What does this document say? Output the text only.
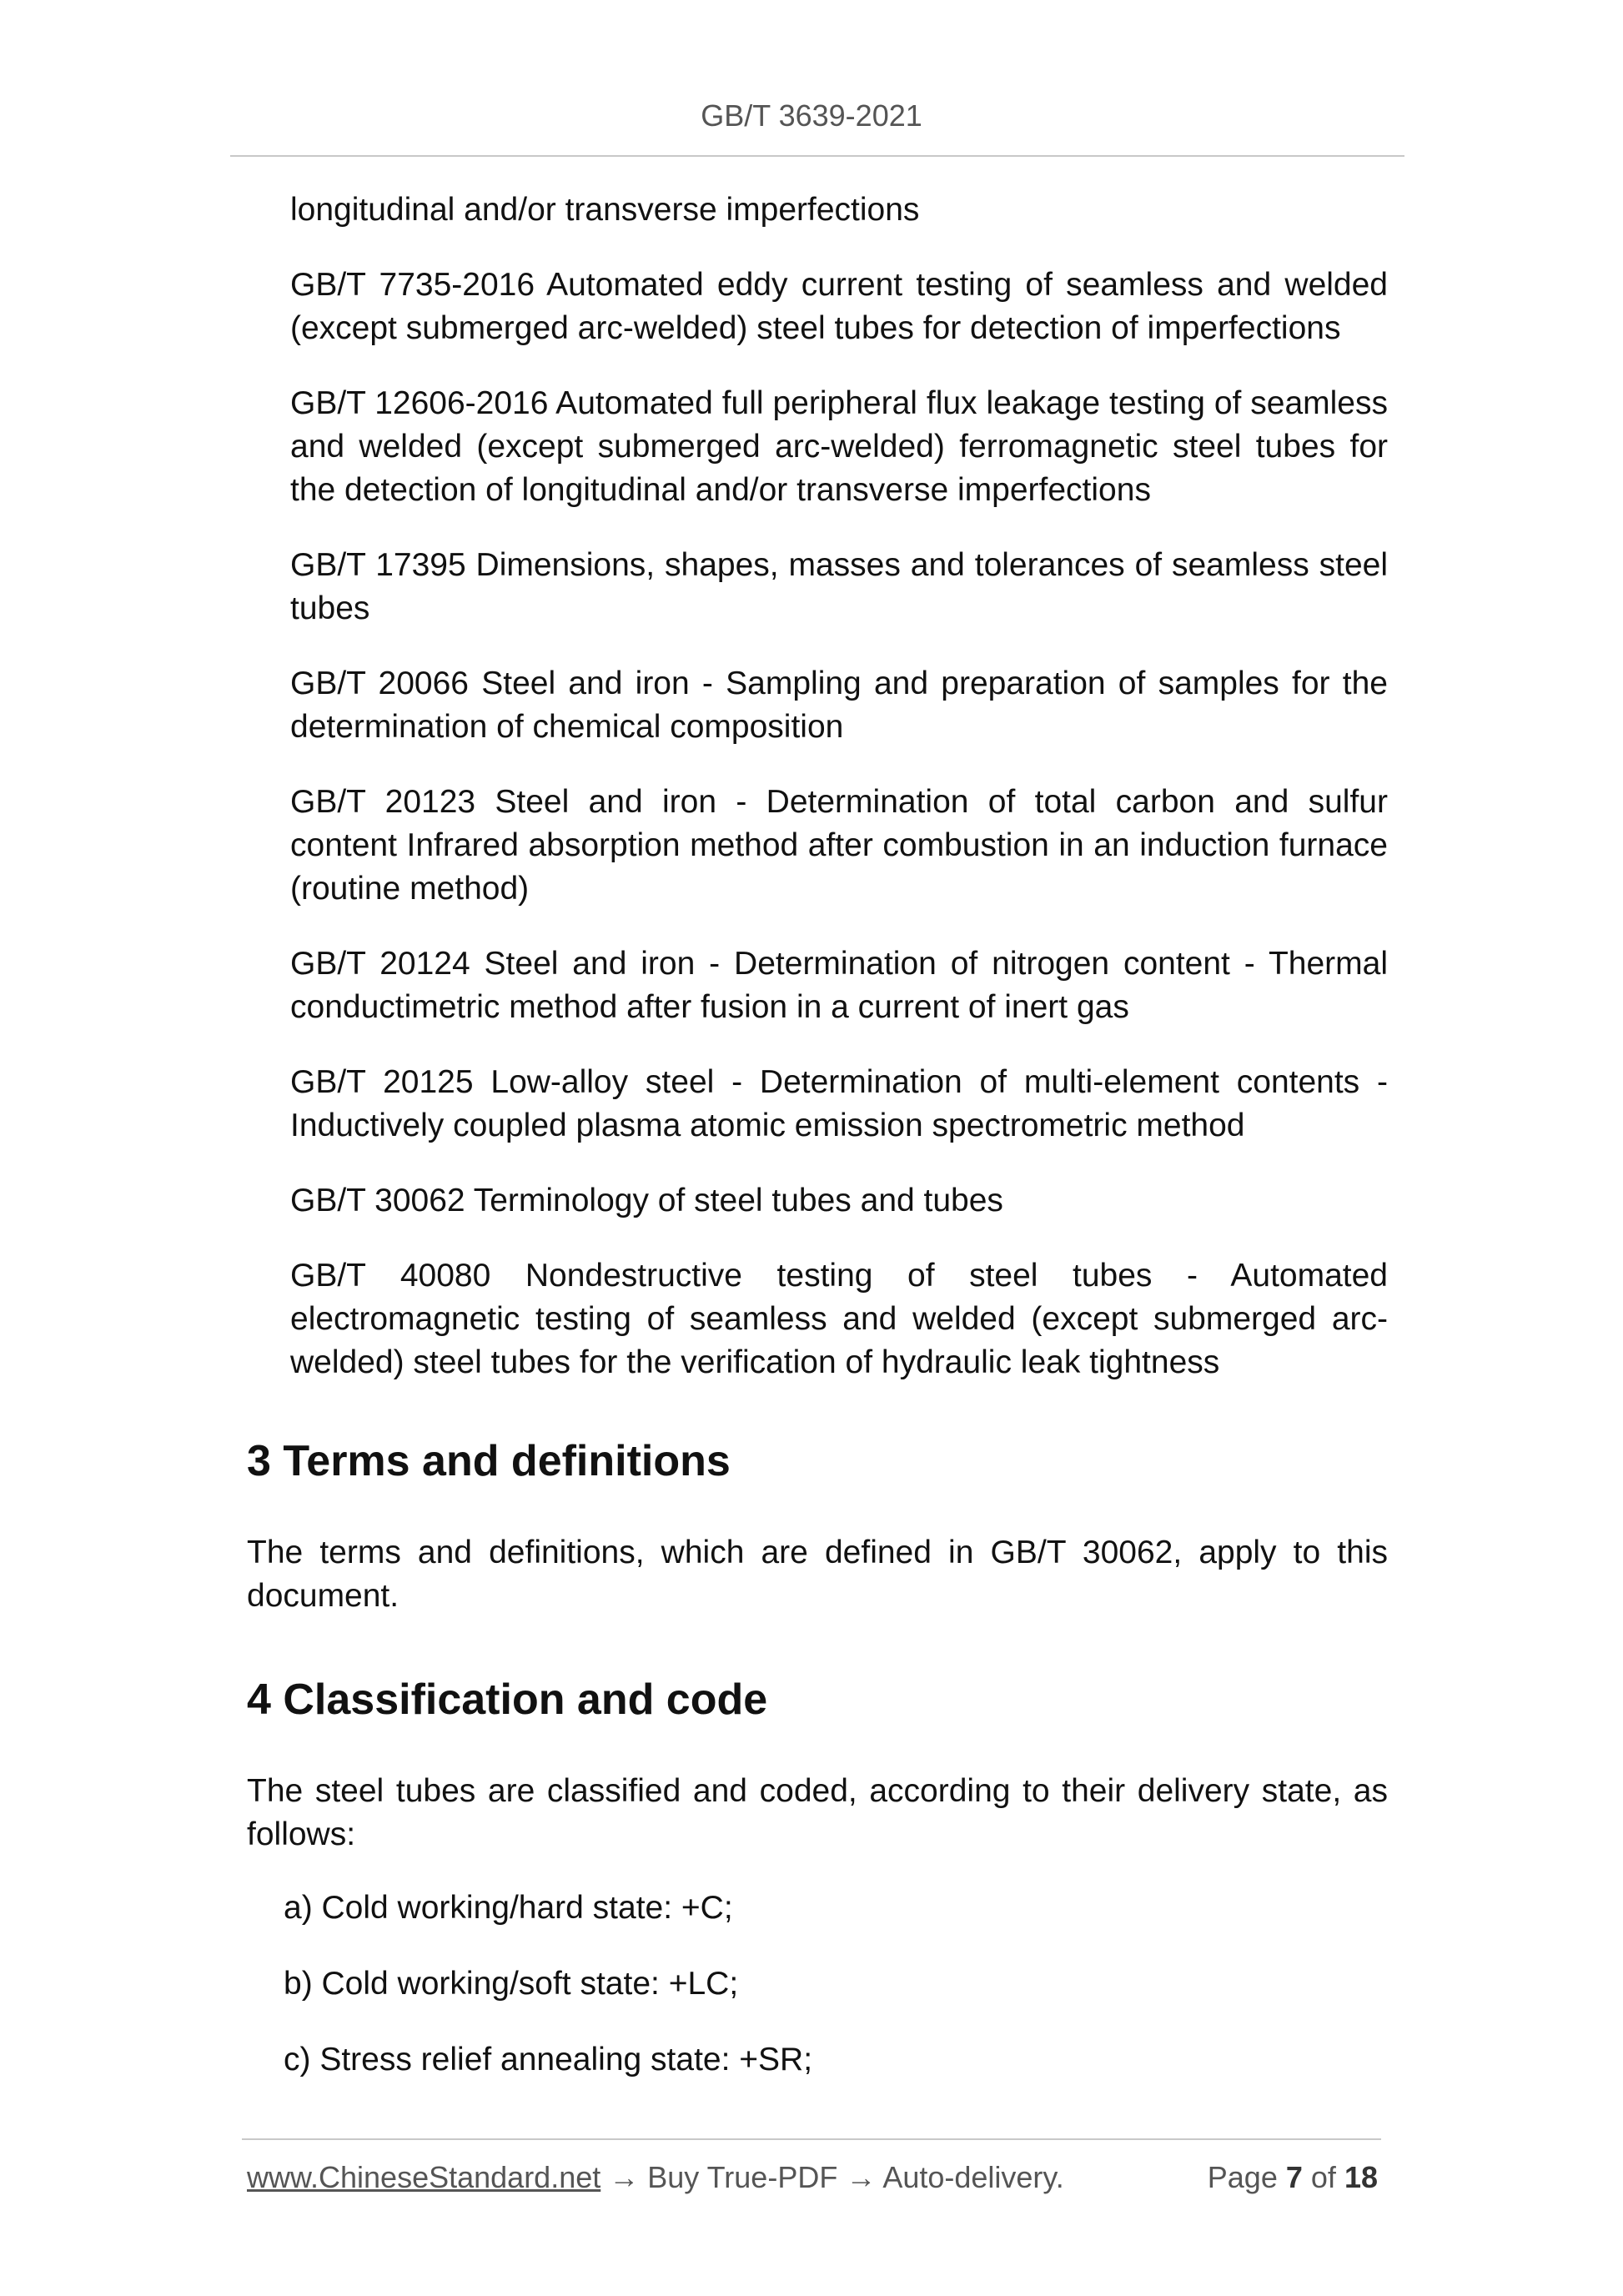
GB/T 3639-2021

longitudinal and/or transverse imperfections

GB/T 7735-2016 Automated eddy current testing of seamless and welded (except submerged arc-welded) steel tubes for detection of imperfections

GB/T 12606-2016 Automated full peripheral flux leakage testing of seamless and welded (except submerged arc-welded) ferromagnetic steel tubes for the detection of longitudinal and/or transverse imperfections

GB/T 17395 Dimensions, shapes, masses and tolerances of seamless steel tubes

GB/T 20066 Steel and iron - Sampling and preparation of samples for the determination of chemical composition

GB/T 20123 Steel and iron - Determination of total carbon and sulfur content Infrared absorption method after combustion in an induction furnace (routine method)

GB/T 20124 Steel and iron - Determination of nitrogen content - Thermal conductimetric method after fusion in a current of inert gas

GB/T 20125 Low-alloy steel - Determination of multi-element contents - Inductively coupled plasma atomic emission spectrometric method

GB/T 30062 Terminology of steel tubes and tubes

GB/T 40080 Nondestructive testing of steel tubes - Automated electromagnetic testing of seamless and welded (except submerged arc-welded) steel tubes for the verification of hydraulic leak tightness

3 Terms and definitions

The terms and definitions, which are defined in GB/T 30062, apply to this document.

4 Classification and code

The steel tubes are classified and coded, according to their delivery state, as follows:

a) Cold working/hard state: +C;
b) Cold working/soft state: +LC;
c) Stress relief annealing state: +SR;
www.ChineseStandard.net → Buy True-PDF → Auto-delivery.	Page 7 of 18
